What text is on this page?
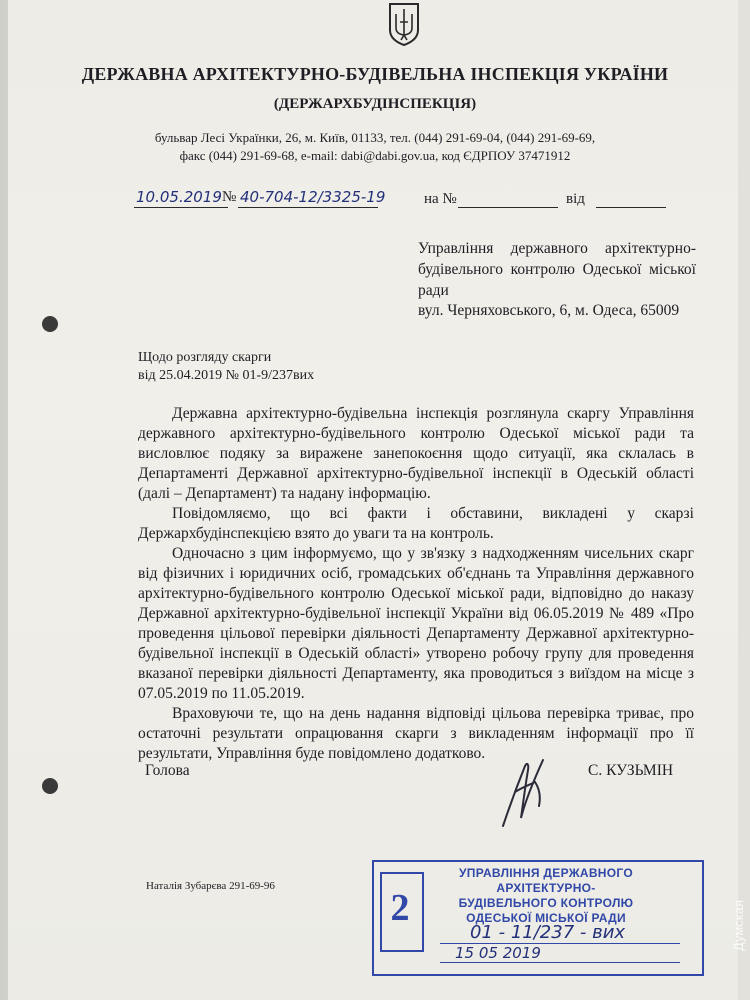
ДЕРЖАВНА АРХІТЕКТУРНО-БУДІВЕЛЬНА ІНСПЕКЦІЯ УКРАЇНИ
(ДЕРЖАРХБУДІНСПЕКЦІЯ)
бульвар Лесі Українки, 26, м. Київ, 01133, тел. (044) 291-69-04, (044) 291-69-69,
факс (044) 291-69-68, e-mail: dabi@dabi.gov.ua, код ЄДРПОУ 37471912
10.05.2019 № 40-704-12/3325-19	на №	від
Управління державного архітектурно-будівельного контролю Одеської міської ради
вул. Черняховського, 6, м. Одеса, 65009
Щодо розгляду скарги
від 25.04.2019 № 01-9/237вих

Державна архітектурно-будівельна інспекція розглянула скаргу Управління державного архітектурно-будівельного контролю Одеської міської ради та висловлює подяку за виражене занепокоєння щодо ситуації, яка склалась в Департаменті Державної архітектурно-будівельної інспекції в Одеській області (далі – Департамент) та надану інформацію.

Повідомляємо, що всі факти і обставини, викладені у скарзі Держархбудінспекцією взято до уваги та на контроль.

Одночасно з цим інформуємо, що у зв'язку з надходженням чисельних скарг від фізичних і юридичних осіб, громадських об'єднань та Управління державного архітектурно-будівельного контролю Одеської міської ради, відповідно до наказу Державної архітектурно-будівельної інспекції України від 06.05.2019 № 489 «Про проведення цільової перевірки діяльності Департаменту Державної архітектурно-будівельної інспекції в Одеській області» утворено робочу групу для проведення вказаної перевірки діяльності Департаменту, яка проводиться з виїздом на місце з 07.05.2019 по 11.05.2019.

Враховуючи те, що на день надання відповіді цільова перевірка триває, про остаточні результати опрацювання скарги з викладенням інформації про її результати, Управління буде повідомлено додатково.

Голова	С. КУЗЬМІН
Наталія Зубарєва 291-69-96
2
УПРАВЛІННЯ ДЕРЖАВНОГО
АРХІТЕКТУРНО-
БУДІВЕЛЬНОГО КОНТРОЛЮ
ОДЕСЬКОЇ МІСЬКОЇ РАДИ
01 - 11/237 - вих
15 05 2019
Думская
